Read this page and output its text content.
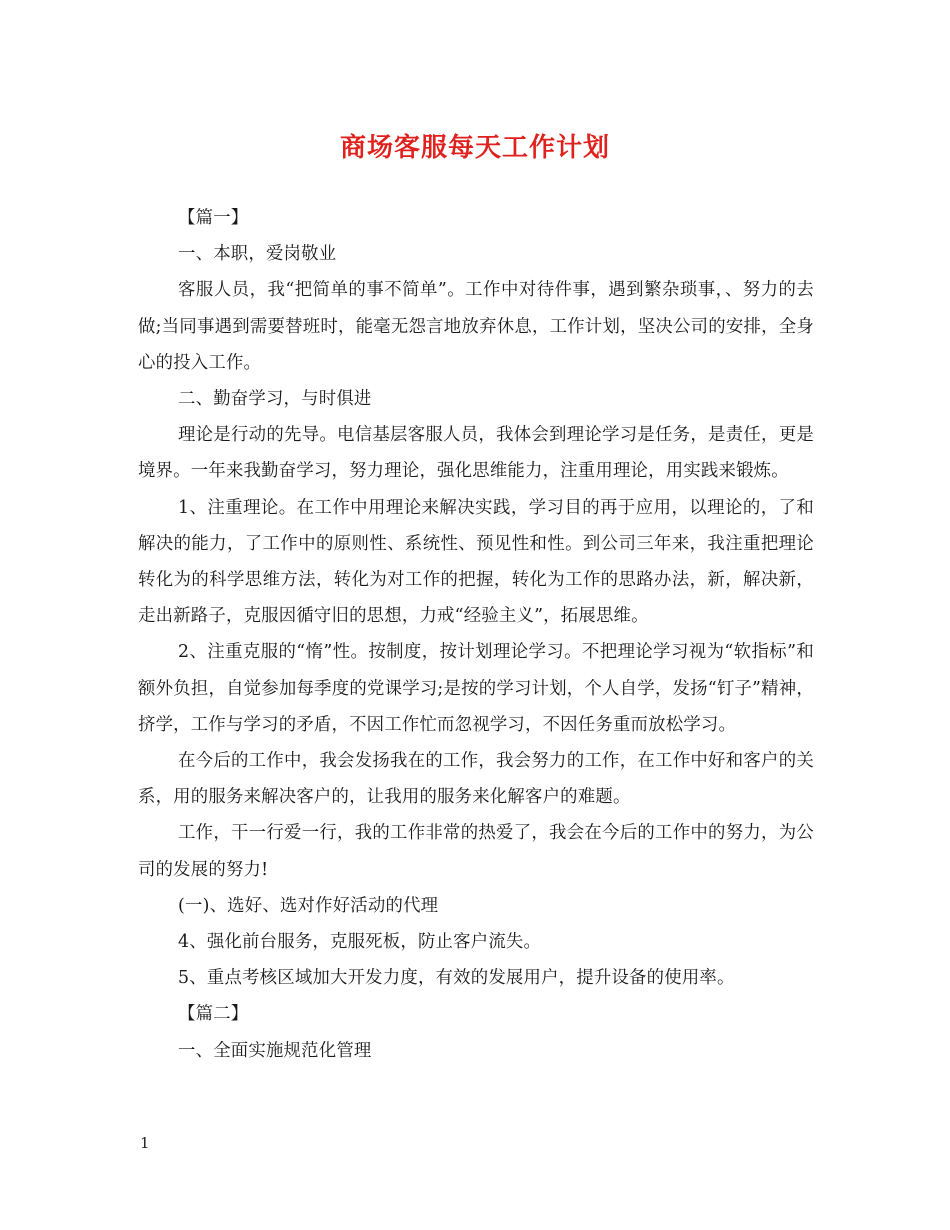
商场客服每天工作计划

【篇一】

一、本职，爱岗敬业

客服人员，我“把简单的事不简单”。工作中对待件事，遇到繁杂琐事，、努力的去做;当同事遇到需要替班时，能毫无怨言地放弃休息，工作计划，坚决公司的安排，全身心的投入工作。

二、勤奋学习，与时俱进

理论是行动的先导。电信基层客服人员，我体会到理论学习是任务，是责任，更是境界。一年来我勤奋学习，努力理论，强化思维能力，注重用理论，用实践来锻炼。

1、注重理论。在工作中用理论来解决实践，学习目的再于应用，以理论的，了和解决的能力，了工作中的原则性、系统性、预见性和性。到公司三年来，我注重把理论转化为的科学思维方法，转化为对工作的把握，转化为工作的思路办法，新，解决新，走出新路子，克服因循守旧的思想，力戒“经验主义”，拓展思维。

2、注重克服的“惰”性。按制度，按计划理论学习。不把理论学习视为“软指标”和额外负担，自觉参加每季度的党课学习;是按的学习计划，个人自学，发扬“钉子”精神，挤学，工作与学习的矛盾，不因工作忙而忽视学习，不因任务重而放松学习。

在今后的工作中，我会发扬我在的工作，我会努力的工作，在工作中好和客户的关系，用的服务来解决客户的，让我用的服务来化解客户的难题。

工作，干一行爱一行，我的工作非常的热爱了，我会在今后的工作中的努力，为公司的发展的努力!

(一)、选好、选对作好活动的代理

4、强化前台服务，克服死板，防止客户流失。

5、重点考核区域加大开发力度，有效的发展用户，提升设备的使用率。

【篇二】

一、全面实施规范化管理

1
